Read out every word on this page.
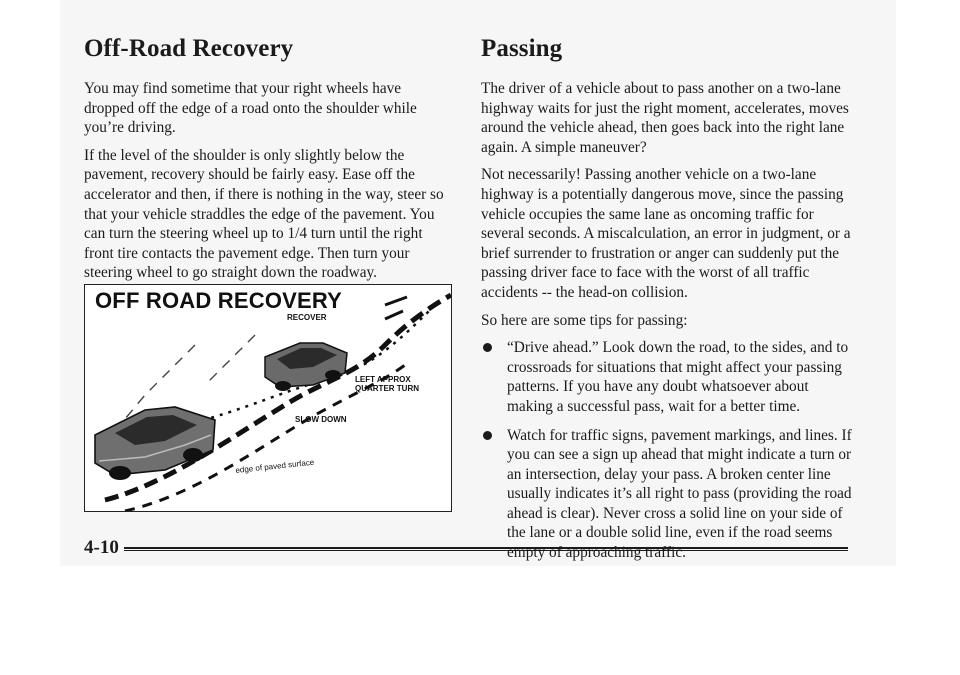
Off-Road Recovery

You may find sometime that your right wheels have dropped off the edge of a road onto the shoulder while you’re driving.

If the level of the shoulder is only slightly below the pavement, recovery should be fairly easy. Ease off the accelerator and then, if there is nothing in the way, steer so that your vehicle straddles the edge of the pavement. You can turn the steering wheel up to 1/4 turn until the right front tire contacts the pavement edge. Then turn your steering wheel to go straight down the roadway.

OFF ROAD RECOVERY

RECOVER

LEFT APPROX

QUARTER TURN

SLOW DOWN

edge of paved surface

Passing

The driver of a vehicle about to pass another on a two-lane highway waits for just the right moment, accelerates, moves around the vehicle ahead, then goes back into the right lane again. A simple maneuver?

Not necessarily! Passing another vehicle on a two-lane highway is a potentially dangerous move, since the passing vehicle occupies the same lane as oncoming traffic for several seconds. A miscalculation, an error in judgment, or a brief surrender to frustration or anger can suddenly put the passing driver face to face with the worst of all traffic accidents -- the head-on collision.

So here are some tips for passing:

“Drive ahead.” Look down the road, to the sides, and to crossroads for situations that might affect your passing patterns. If you have any doubt whatsoever about making a successful pass, wait for a better time.
Watch for traffic signs, pavement markings, and lines. If you can see a sign up ahead that might indicate a turn or an intersection, delay your pass. A broken center line usually indicates it’s all right to pass (providing the road ahead is clear). Never cross a solid line on your side of the lane or a double solid line, even if the road seems empty of approaching traffic.
4-10
